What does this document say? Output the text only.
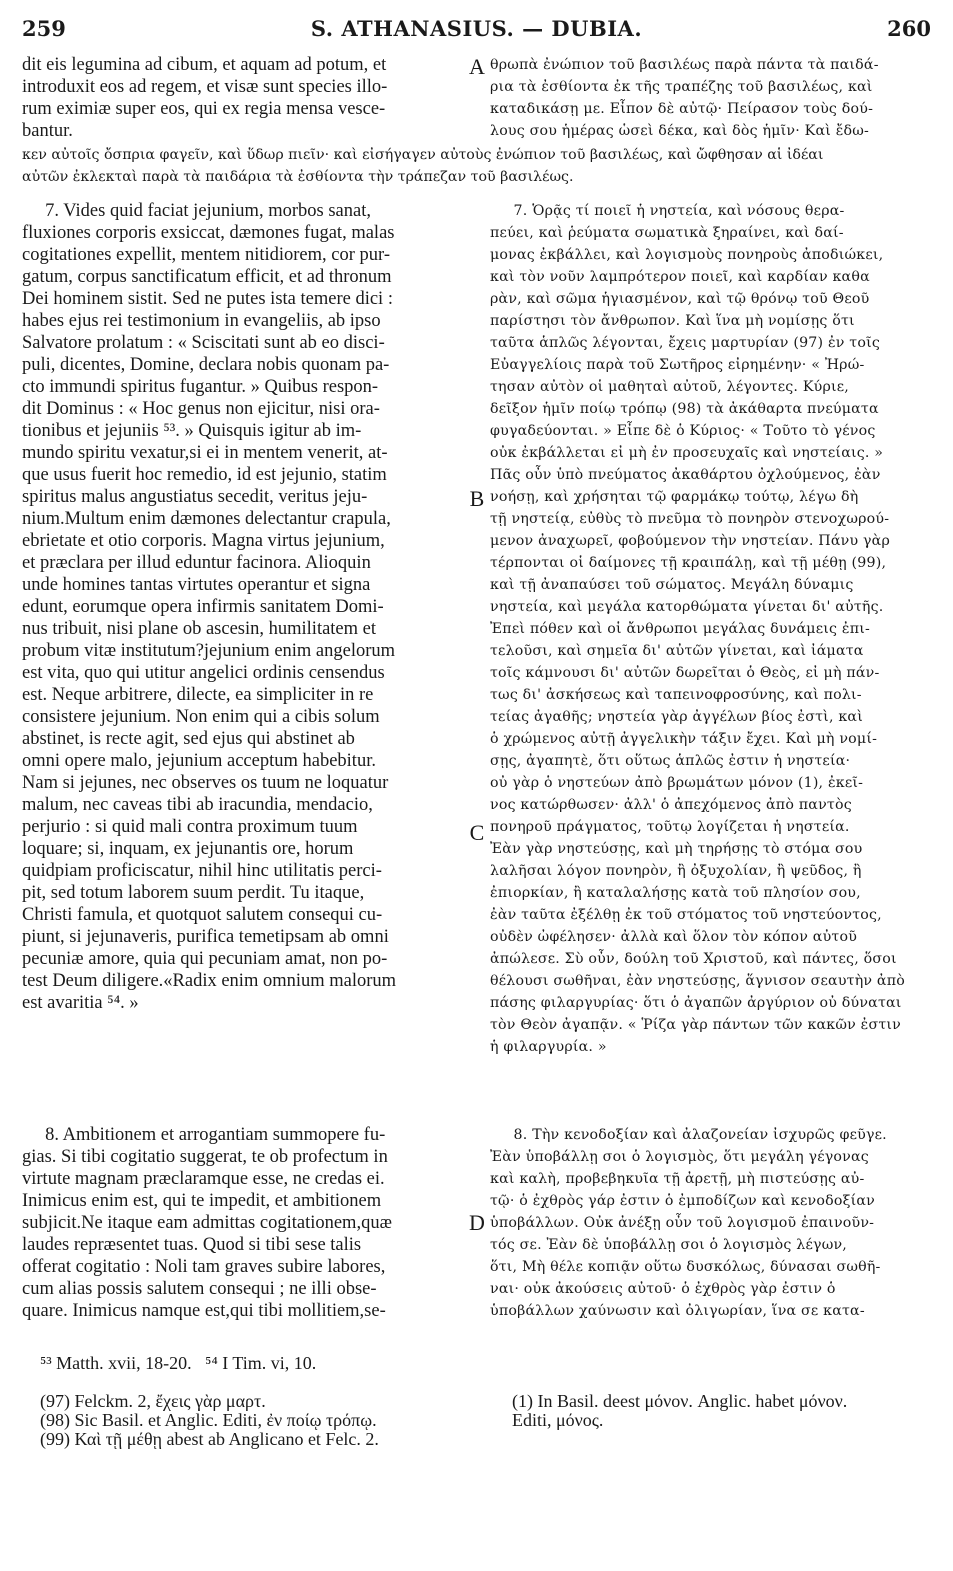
259	S. ATHANASIUS. — DUBIA.	260
dit eis legumina ad cibum, et aquam ad potum, et
introduxit eos ad regem, et visæ sunt species illo-
rum eximiæ super eos, qui ex regia mensa vesce-
bantur.
7. Vides quid faciat jejunium, morbos sanat,
fluxiones corporis exsiccat, dæmones fugat, malas
cogitationes expellit, mentem nitidiorem, cor pur-
gatum, corpus sanctificatum efficit, et ad thronum
Dei hominem sistit. Sed ne putes ista temere dici :
habes ejus rei testimonium in evangeliis, ab ipso
Salvatore prolatum : « Sciscitati sunt ab eo disci-
puli, dicentes, Domine, declara nobis quonam pa-
cto immundi spiritus fugantur. » Quibus respon-
dit Dominus : « Hoc genus non ejicitur, nisi ora-
tionibus et jejuniis ⁵³. » Quisquis igitur ab im-
mundo spiritu vexatur,si ei in mentem venerit, at-
que usus fuerit hoc remedio, id est jejunio, statim
spiritus malus angustiatus secedit, veritus jeju-
nium.Multum enim dæmones delectantur crapula,
ebrietate et otio corporis. Magna virtus jejunium,
et præclara per illud eduntur facinora. Alioquin
unde homines tantas virtutes operantur et signa
edunt, eorumque opera infirmis sanitatem Domi-
nus tribuit, nisi plane ob ascesin, humilitatem et
probum vitæ institutum?jejunium enim angelorum
est vita, quo qui utitur angelici ordinis censendus
est. Neque arbitrere, dilecte, ea simpliciter in re
consistere jejunium. Non enim qui a cibis solum
abstinet, is recte agit, sed ejus qui abstinet ab
omni opere malo, jejunium acceptum habebitur.
Nam si jejunes, nec observes os tuum ne loquatur
malum, nec caveas tibi ab iracundia, mendacio,
perjurio : si quid mali contra proximum tuum
loquare; si, inquam, ex jejunantis ore, horum
quidpiam proficiscatur, nihil hinc utilitatis perci-
pit, sed totum laborem suum perdit. Tu itaque,
Christi famula, et quotquot salutem consequi cu-
piunt, si jejunaveris, purifica temetipsam ab omni
pecuniæ amore, quia qui pecuniam amat, non po-
test Deum diligere.«Radix enim omnium malorum
est avaritia ⁵⁴. »
8. Ambitionem et arrogantiam summopere fu-
gias. Si tibi cogitatio suggerat, te ob profectum in
virtute magnam præclaramque esse, ne credas ei.
Inimicus enim est, qui te impedit, et ambitionem
subjicit.Ne itaque eam admittas cogitationem,quæ
laudes repræsentet tuas. Quod si tibi sese talis
offerat cogitatio : Noli tam graves subire labores,
cum alias possis salutem consequi ; ne illi obse-
quare. Inimicus namque est,qui tibi mollitiem,se-
θρωπὰ ἐνώπιον τοῦ βασιλέως παρὰ πάντα τὰ παιδά-
ρια τὰ ἐσθίοντα ἐκ τῆς τραπέζης τοῦ βασιλέως, καὶ
καταδικάσῃ με. Εἶπον δὲ αὐτῷ· Πείρασον τοὺς δού-
λους σου ἡμέρας ὡσεὶ δέκα, καὶ δὸς ἡμῖν· Καὶ ἔδω-
7. Ὁρᾷς τί ποιεῖ ἡ νηστεία, καὶ νόσους θερα-
πεύει, καὶ ῥεύματα σωματικὰ ξηραίνει, καὶ δαί-
μονας ἐκβάλλει, καὶ λογισμοὺς πονηροὺς ἀποδιώκει,
καὶ τὸν νοῦν λαμπρότερον ποιεῖ, καὶ καρδίαν καθα
ρὰν, καὶ σῶμα ἡγιασμένον, καὶ τῷ θρόνῳ τοῦ Θεοῦ
παρίστησι τὸν ἄνθρωπον. Καὶ ἵνα μὴ νομίσῃς ὅτι
ταῦτα ἁπλῶς λέγονται, ἔχεις μαρτυρίαν (97) ἐν τοῖς
Εὐαγγελίοις παρὰ τοῦ Σωτῆρος εἰρημένην· « Ἠρώ-
τησαν αὐτὸν οἱ μαθηταὶ αὐτοῦ, λέγοντες. Κύριε,
δεῖξον ἡμῖν ποίῳ τρόπῳ (98) τὰ ἀκάθαρτα πνεύματα
φυγαδεύονται. » Εἶπε δὲ ὁ Κύριος· « Τοῦτο τὸ γένος
οὐκ ἐκβάλλεται εἰ μὴ ἐν προσευχαῖς καὶ νηστείαις. »
Πᾶς οὖν ὑπὸ πνεύματος ἀκαθάρτου ὀχλούμενος, ἐὰν
νοήσῃ, καὶ χρήσηται τῷ φαρμάκῳ τούτῳ, λέγω δὴ
τῇ νηστείᾳ, εὐθὺς τὸ πνεῦμα τὸ πονηρὸν στενοχωρού-
μενον ἀναχωρεῖ, φοβούμενον τὴν νηστείαν. Πάνυ γὰρ
τέρπονται οἱ δαίμονες τῇ κραιπάλῃ, καὶ τῇ μέθῃ (99),
καὶ τῇ ἀναπαύσει τοῦ σώματος. Μεγάλη δύναμις
νηστεία, καὶ μεγάλα κατορθώματα γίνεται δι' αὐτῆς.
Ἐπεὶ πόθεν καὶ οἱ ἄνθρωποι μεγάλας δυνάμεις ἐπι-
τελοῦσι, καὶ σημεῖα δι' αὐτῶν γίνεται, καὶ ἰάματα
τοῖς κάμνουσι δι' αὐτῶν δωρεῖται ὁ Θεὸς, εἰ μὴ πάν-
τως δι' ἀσκήσεως καὶ ταπεινοφροσύνης, καὶ πολι-
τείας ἀγαθῆς; νηστεία γὰρ ἀγγέλων βίος ἐστὶ, καὶ
ὁ χρώμενος αὐτῇ ἀγγελικὴν τάξιν ἔχει. Καὶ μὴ νομί-
σῃς, ἀγαπητὲ, ὅτι οὕτως ἁπλῶς ἐστιν ἡ νηστεία·
οὐ γὰρ ὁ νηστεύων ἀπὸ βρωμάτων μόνον (1), ἐκεῖ-
νος κατώρθωσεν· ἀλλ' ὁ ἀπεχόμενος ἀπὸ παντὸς
πονηροῦ πράγματος, τοῦτῳ λογίζεται ἡ νηστεία.
Ἐὰν γὰρ νηστεύσῃς, καὶ μὴ τηρήσῃς τὸ στόμα σου
λαλῆσαι λόγον πονηρὸν, ἢ ὀξυχολίαν, ἢ ψεῦδος, ἢ
ἐπιορκίαν, ἢ καταλαλήσῃς κατὰ τοῦ πλησίον σου,
ἐὰν ταῦτα ἐξέλθῃ ἐκ τοῦ στόματος τοῦ νηστεύοντος,
οὐδὲν ὠφέλησεν· ἀλλὰ καὶ ὅλον τὸν κόπον αὐτοῦ
ἀπώλεσε. Σὺ οὖν, δούλη τοῦ Χριστοῦ, καὶ πάντες, ὅσοι
θέλουσι σωθῆναι, ἐὰν νηστεύσῃς, ἅγνισον σεαυτὴν ἀπὸ
πάσης φιλαργυρίας· ὅτι ὁ ἀγαπῶν ἀργύριον οὐ δύναται
τὸν Θεὸν ἀγαπᾷν. « Ῥίζα γὰρ πάντων τῶν κακῶν ἐστιν
ἡ φιλαργυρία. »
8. Τὴν κενοδοξίαν καὶ ἀλαζονείαν ἰσχυρῶς φεῦγε.
Ἐὰν ὑποβάλλῃ σοι ὁ λογισμὸς, ὅτι μεγάλη γέγονας
καὶ καλὴ, προβεβηκυῖα τῇ ἀρετῇ, μὴ πιστεύσῃς αὐ-
τῷ· ὁ ἐχθρὸς γάρ ἐστιν ὁ ἐμποδίζων καὶ κενοδοξίαν
ὑποβάλλων. Οὐκ ἀνέξῃ οὖν τοῦ λογισμοῦ ἐπαινοῦν-
τός σε. Ἐὰν δὲ ὑποβάλλῃ σοι ὁ λογισμὸς λέγων,
ὅτι, Μὴ θέλε κοπιᾷν οὕτω δυσκόλως, δύνασαι σωθῆ-
ναι· οὐκ ἀκούσεις αὐτοῦ· ὁ ἐχθρὸς γὰρ ἐστιν ὁ
ὑποβάλλων χαύνωσιν καὶ ὀλιγωρίαν, ἵνα σε κατα-
κεν αὐτοῖς ὄσπρια φαγεῖν, καὶ ὕδωρ πιεῖν· καὶ εἰσήγαγεν αὐτοὺς ἐνώπιον τοῦ βασιλέως, καὶ ὤφθησαν αἱ ἰδέαι
αὐτῶν ἐκλεκταὶ παρὰ τὰ παιδάρια τὰ ἐσθίοντα τὴν τράπεζαν τοῦ βασιλέως.
A
B
C
D
⁵³ Matth. xvii, 18-20.   ⁵⁴ I Tim. vi, 10.
(97) Felckm. 2, ἔχεις γὰρ μαρτ.
(98) Sic Basil. et Anglic. Editi, ἐν ποίῳ τρόπῳ.
(99) Καὶ τῇ μέθῃ abest ab Anglicano et Felc. 2.
(1) In Basil. deest μόνον. Anglic. habet μόνον.
Editi, μόνος.
